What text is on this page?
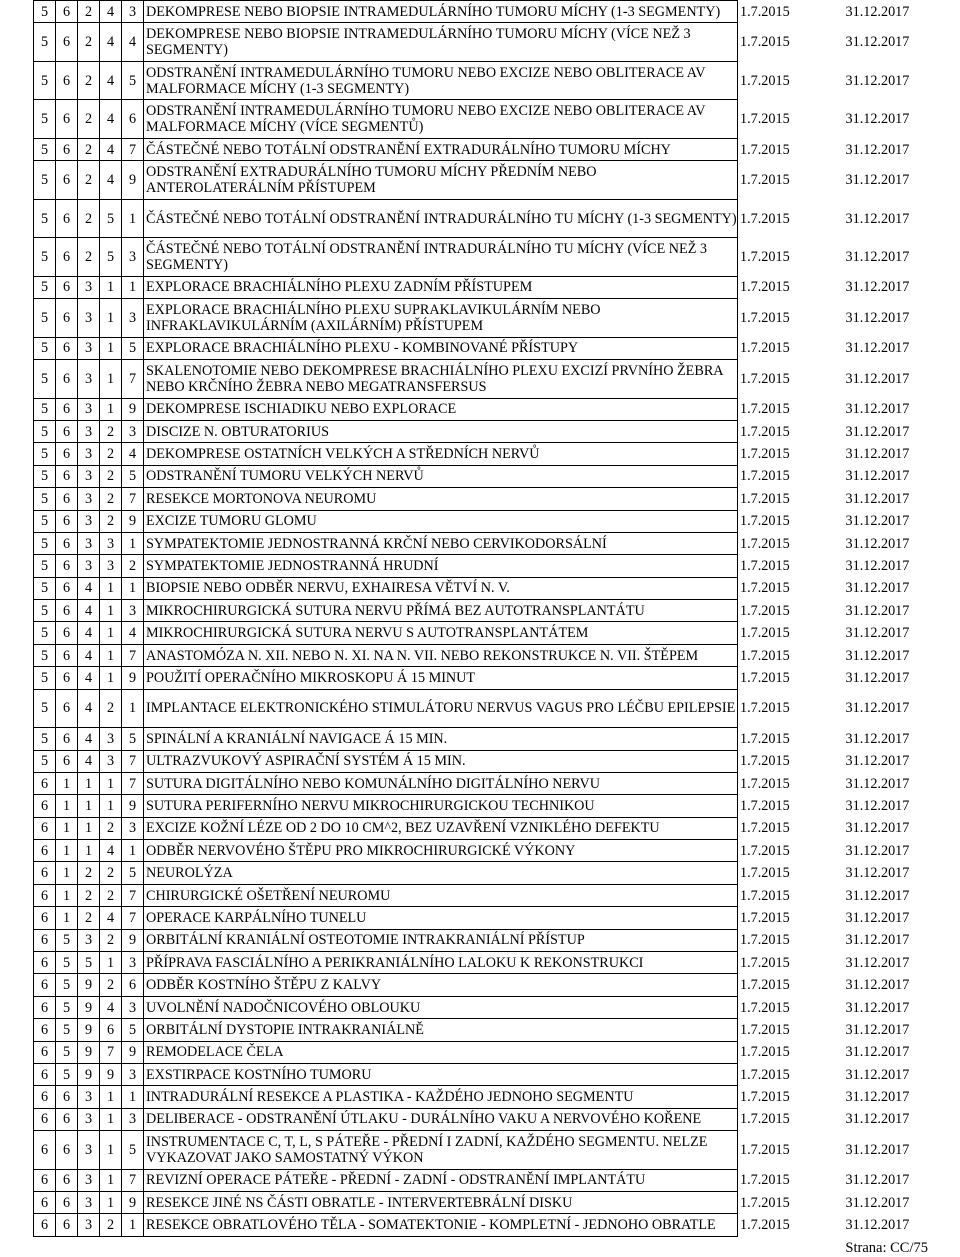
5	6	2	4	3	DEKOMPRESE NEBO BIOPSIE INTRAMEDULÁRNÍHO TUMORU MÍCHY (1-3 SEGMENTY)	1.7.2015	31.12.2017
5	6	2	4	4	DEKOMPRESE NEBO BIOPSIE INTRAMEDULÁRNÍHO TUMORU MÍCHY (VÍCE NEŽ 3 SEGMENTY)	1.7.2015	31.12.2017
5	6	2	4	5	ODSTRANĚNÍ INTRAMEDULÁRNÍHO TUMORU NEBO EXCIZE NEBO OBLITERACE AV MALFORMACE MÍCHY (1-3 SEGMENTY)	1.7.2015	31.12.2017
5	6	2	4	6	ODSTRANĚNÍ INTRAMEDULÁRNÍHO TUMORU NEBO EXCIZE NEBO OBLITERACE AV MALFORMACE MÍCHY (VÍCE SEGMENTŮ)	1.7.2015	31.12.2017
5	6	2	4	7	ČÁSTEČNÉ NEBO TOTÁLNÍ ODSTRANĚNÍ EXTRADURÁLNÍHO TUMORU MÍCHY	1.7.2015	31.12.2017
5	6	2	4	9	ODSTRANĚNÍ EXTRADURÁLNÍHO TUMORU MÍCHY PŘEDNÍM NEBO ANTEROLATERÁLNÍM PŘÍSTUPEM	1.7.2015	31.12.2017
5	6	2	5	1	ČÁSTEČNÉ NEBO TOTÁLNÍ ODSTRANĚNÍ INTRADURÁLNÍHO TU MÍCHY (1-3 SEGMENTY)	1.7.2015	31.12.2017
5	6	2	5	3	ČÁSTEČNÉ NEBO TOTÁLNÍ ODSTRANĚNÍ INTRADURÁLNÍHO TU MÍCHY (VÍCE NEŽ 3 SEGMENTY)	1.7.2015	31.12.2017
5	6	3	1	1	EXPLORACE BRACHIÁLNÍHO PLEXU ZADNÍM PŘÍSTUPEM	1.7.2015	31.12.2017
5	6	3	1	3	EXPLORACE BRACHIÁLNÍHO PLEXU SUPRAKLAVIKULÁRNÍM NEBO INFRAKLAVIKULÁRNÍM (AXILÁRNÍM) PŘÍSTUPEM	1.7.2015	31.12.2017
5	6	3	1	5	EXPLORACE BRACHIÁLNÍHO PLEXU - KOMBINOVANÉ PŘÍSTUPY	1.7.2015	31.12.2017
5	6	3	1	7	SKALENOTOMIE NEBO DEKOMPRESE BRACHIÁLNÍHO PLEXU EXCIZÍ PRVNÍHO ŽEBRA NEBO KRČNÍHO ŽEBRA NEBO MEGATRANSFERSUS	1.7.2015	31.12.2017
5	6	3	1	9	DEKOMPRESE ISCHIADIKU NEBO EXPLORACE	1.7.2015	31.12.2017
5	6	3	2	3	DISCIZE N. OBTURATORIUS	1.7.2015	31.12.2017
5	6	3	2	4	DEKOMPRESE OSTATNÍCH VELKÝCH A STŘEDNÍCH NERVŮ	1.7.2015	31.12.2017
5	6	3	2	5	ODSTRANĚNÍ TUMORU VELKÝCH NERVŮ	1.7.2015	31.12.2017
5	6	3	2	7	RESEKCE MORTONOVA NEUROMU	1.7.2015	31.12.2017
5	6	3	2	9	EXCIZE TUMORU GLOMU	1.7.2015	31.12.2017
5	6	3	3	1	SYMPATEKTOMIE JEDNOSTRANNÁ KRČNÍ NEBO CERVIKODORSÁLNÍ	1.7.2015	31.12.2017
5	6	3	3	2	SYMPATEKTOMIE JEDNOSTRANNÁ HRUDNÍ	1.7.2015	31.12.2017
5	6	4	1	1	BIOPSIE NEBO ODBĚR NERVU, EXHAIRESA VĚTVÍ N. V.	1.7.2015	31.12.2017
5	6	4	1	3	MIKROCHIRURGICKÁ SUTURA NERVU PŘÍMÁ BEZ AUTOTRANSPLANTÁTU	1.7.2015	31.12.2017
5	6	4	1	4	MIKROCHIRURGICKÁ SUTURA NERVU S AUTOTRANSPLANTÁTEM	1.7.2015	31.12.2017
5	6	4	1	7	ANASTOMÓZA N. XII. NEBO N. XI. NA N. VII. NEBO REKONSTRUKCE N. VII. ŠTĚPEM	1.7.2015	31.12.2017
5	6	4	1	9	POUŽITÍ OPERAČNÍHO MIKROSKOPU Á 15 MINUT	1.7.2015	31.12.2017
5	6	4	2	1	IMPLANTACE ELEKTRONICKÉHO STIMULÁTORU NERVUS VAGUS PRO LÉČBU EPILEPSIE	1.7.2015	31.12.2017
5	6	4	3	5	SPINÁLNÍ A KRANIÁLNÍ NAVIGACE Á 15 MIN.	1.7.2015	31.12.2017
5	6	4	3	7	ULTRAZVUKOVÝ ASPIRAČNÍ SYSTÉM Á 15 MIN.	1.7.2015	31.12.2017
6	1	1	1	7	SUTURA DIGITÁLNÍHO NEBO KOMUNÁLNÍHO DIGITÁLNÍHO NERVU	1.7.2015	31.12.2017
6	1	1	1	9	SUTURA PERIFERNÍHO NERVU MIKROCHIRURGICKOU TECHNIKOU	1.7.2015	31.12.2017
6	1	1	2	3	EXCIZE KOŽNÍ LÉZE OD 2 DO 10 CM^2, BEZ UZAVŘENÍ VZNIKLÉHO DEFEKTU	1.7.2015	31.12.2017
6	1	1	4	1	ODBĚR NERVOVÉHO ŠTĚPU PRO MIKROCHIRURGICKÉ VÝKONY	1.7.2015	31.12.2017
6	1	2	2	5	NEUROLÝZA	1.7.2015	31.12.2017
6	1	2	2	7	CHIRURGICKÉ OŠETŘENÍ NEUROMU	1.7.2015	31.12.2017
6	1	2	4	7	OPERACE KARPÁLNÍHO TUNELU	1.7.2015	31.12.2017
6	5	3	2	9	ORBITÁLNÍ KRANIÁLNÍ OSTEOTOMIE INTRAKRANIÁLNÍ PŘÍSTUP	1.7.2015	31.12.2017
6	5	5	1	3	PŘÍPRAVA FASCIÁLNÍHO A PERIKRANIÁLNÍHO LALOKU K REKONSTRUKCI	1.7.2015	31.12.2017
6	5	9	2	6	ODBĚR KOSTNÍHO ŠTĚPU Z KALVY	1.7.2015	31.12.2017
6	5	9	4	3	UVOLNĚNÍ NADOČNICOVÉHO OBLOUKU	1.7.2015	31.12.2017
6	5	9	6	5	ORBITÁLNÍ DYSTOPIE INTRAKRANIÁLNĚ	1.7.2015	31.12.2017
6	5	9	7	9	REMODELACE ČELA	1.7.2015	31.12.2017
6	5	9	9	3	EXSTIRPACE KOSTNÍHO TUMORU	1.7.2015	31.12.2017
6	6	3	1	1	INTRADURÁLNÍ RESEKCE A PLASTIKA - KAŽDÉHO JEDNOHO SEGMENTU	1.7.2015	31.12.2017
6	6	3	1	3	DELIBERACE - ODSTRANĚNÍ ÚTLAKU - DURÁLNÍHO VAKU A NERVOVÉHO KOŘENE	1.7.2015	31.12.2017
6	6	3	1	5	INSTRUMENTACE C, T, L, S PÁTEŘE - PŘEDNÍ I ZADNÍ, KAŽDÉHO SEGMENTU. NELZE VYKAZOVAT JAKO SAMOSTATNÝ VÝKON	1.7.2015	31.12.2017
6	6	3	1	7	REVIZNÍ OPERACE PÁTEŘE - PŘEDNÍ - ZADNÍ - ODSTRANĚNÍ IMPLANTÁTU	1.7.2015	31.12.2017
6	6	3	1	9	RESEKCE JINÉ NS ČÁSTI OBRATLE - INTERVERTEBRÁLNÍ DISKU	1.7.2015	31.12.2017
6	6	3	2	1	RESEKCE OBRATLOVÉHO TĚLA - SOMATEKTONIE - KOMPLETNÍ - JEDNOHO OBRATLE	1.7.2015	31.12.2017
Strana: CC/75
